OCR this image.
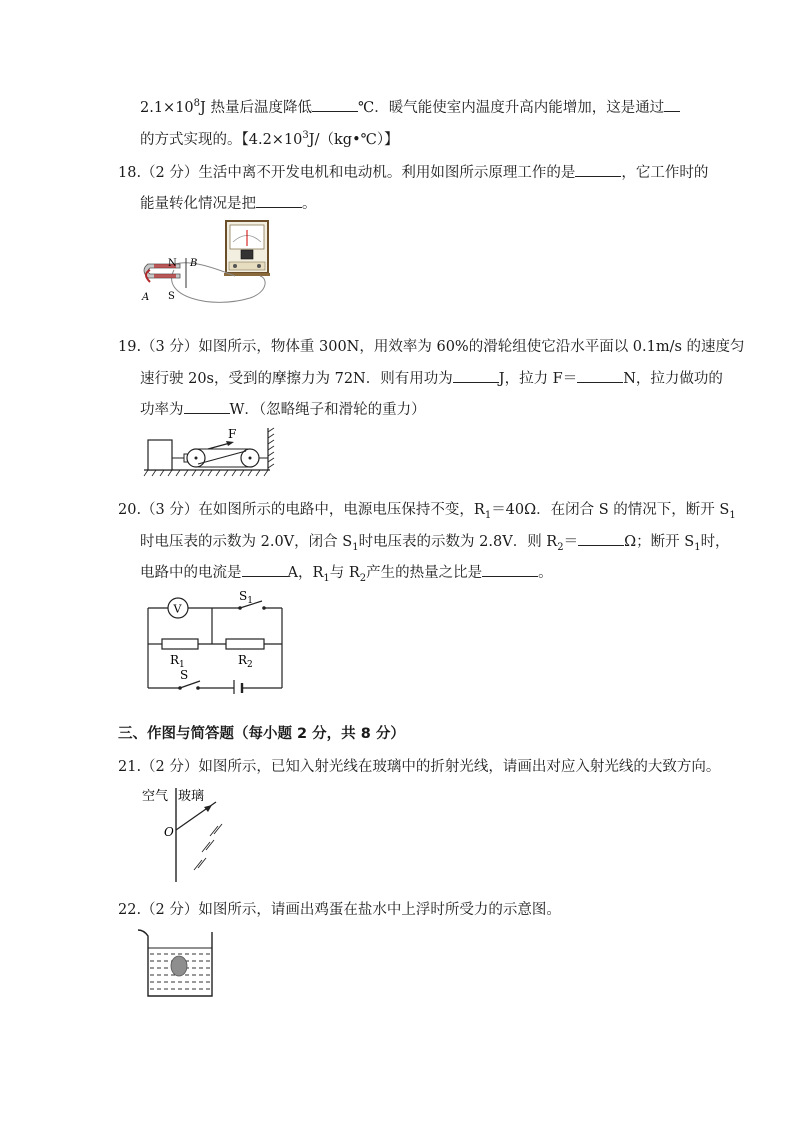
$2.1\times 10^8J$ 热量后温度降低	℃．暖气能使室内温度升高内能增加，这是通过
的方式实现的。【$4.2\times 10^3J/(kg•℃)$】
18.（2 分）生活中离不开发电机和电动机。利用如图所示原理工作的是	，它工作时的
能量转化情况是把	。
N B
A S
19.（3 分）如图所示，物体重 300N，用效率为 60%的滑轮组使它沿水平面以 0.1m/s 的速度匀
速行驶 20s，受到的摩擦力为 72N．则有用功为	J，拉力 F＝	N，拉力做功的
功率为	W．（忽略绳子和滑轮的重力）
F
20.（3 分）在如图所示的电路中，电源电压保持不变，$R_1=40\Omega$．在闭合 S 的情况下，断开 $S_1$
时电压表的示数为 2.0V，闭合 $S_1$时电压表的示数为 2.8V．则 $R_2=$	Ω；断开 $S_1$时，
电路中的电流是	A，$R_1$与 $R_2$产生的热量之比是	。
V
$S_1$
$R_1$	$R_2$
S
三、作图与简答题（每小题 2 分，共 8 分）
21.（2 分）如图所示，已知入射光线在玻璃中的折射光线，请画出对应入射光线的大致方向。
空气 玻璃
O
22.（2 分）如图所示，请画出鸡蛋在盐水中上浮时所受力的示意图。
